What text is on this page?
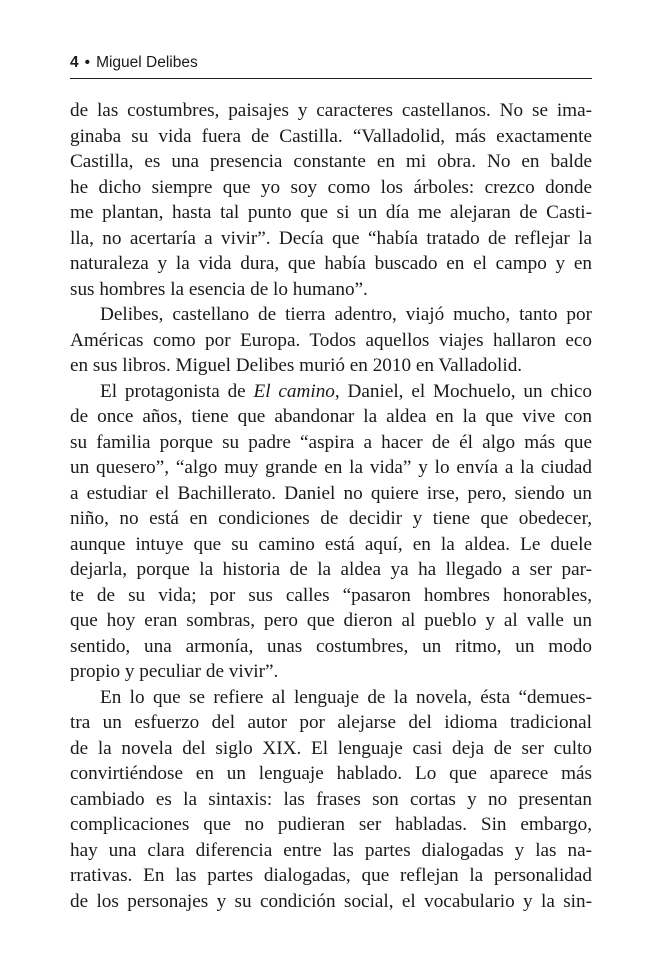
4 • Miguel Delibes
de las costumbres, paisajes y caracteres castellanos. No se ima-
ginaba su vida fuera de Castilla. “Valladolid, más exactamente
Castilla, es una presencia constante en mi obra. No en balde
he dicho siempre que yo soy como los árboles: crezco donde
me plantan, hasta tal punto que si un día me alejaran de Casti-
lla, no acertaría a vivir”. Decía que “había tratado de reflejar la
naturaleza y la vida dura, que había buscado en el campo y en
sus hombres la esencia de lo humano”.
Delibes, castellano de tierra adentro, viajó mucho, tanto por
Américas como por Europa. Todos aquellos viajes hallaron eco
en sus libros. Miguel Delibes murió en 2010 en Valladolid.
El protagonista de El camino, Daniel, el Mochuelo, un chico
de once años, tiene que abandonar la aldea en la que vive con
su familia porque su padre “aspira a hacer de él algo más que
un quesero”, “algo muy grande en la vida” y lo envía a la ciudad
a estudiar el Bachillerato. Daniel no quiere irse, pero, siendo un
niño, no está en condiciones de decidir y tiene que obedecer,
aunque intuye que su camino está aquí, en la aldea. Le duele
dejarla, porque la historia de la aldea ya ha llegado a ser par-
te de su vida; por sus calles “pasaron hombres honorables,
que hoy eran sombras, pero que dieron al pueblo y al valle un
sentido, una armonía, unas costumbres, un ritmo, un modo
propio y peculiar de vivir”.
En lo que se refiere al lenguaje de la novela, ésta “demues-
tra un esfuerzo del autor por alejarse del idioma tradicional
de la novela del siglo XIX. El lenguaje casi deja de ser culto
convirtiéndose en un lenguaje hablado. Lo que aparece más
cambiado es la sintaxis: las frases son cortas y no presentan
complicaciones que no pudieran ser habladas. Sin embargo,
hay una clara diferencia entre las partes dialogadas y las na-
rrativas. En las partes dialogadas, que reflejan la personalidad
de los personajes y su condición social, el vocabulario y la sin-
